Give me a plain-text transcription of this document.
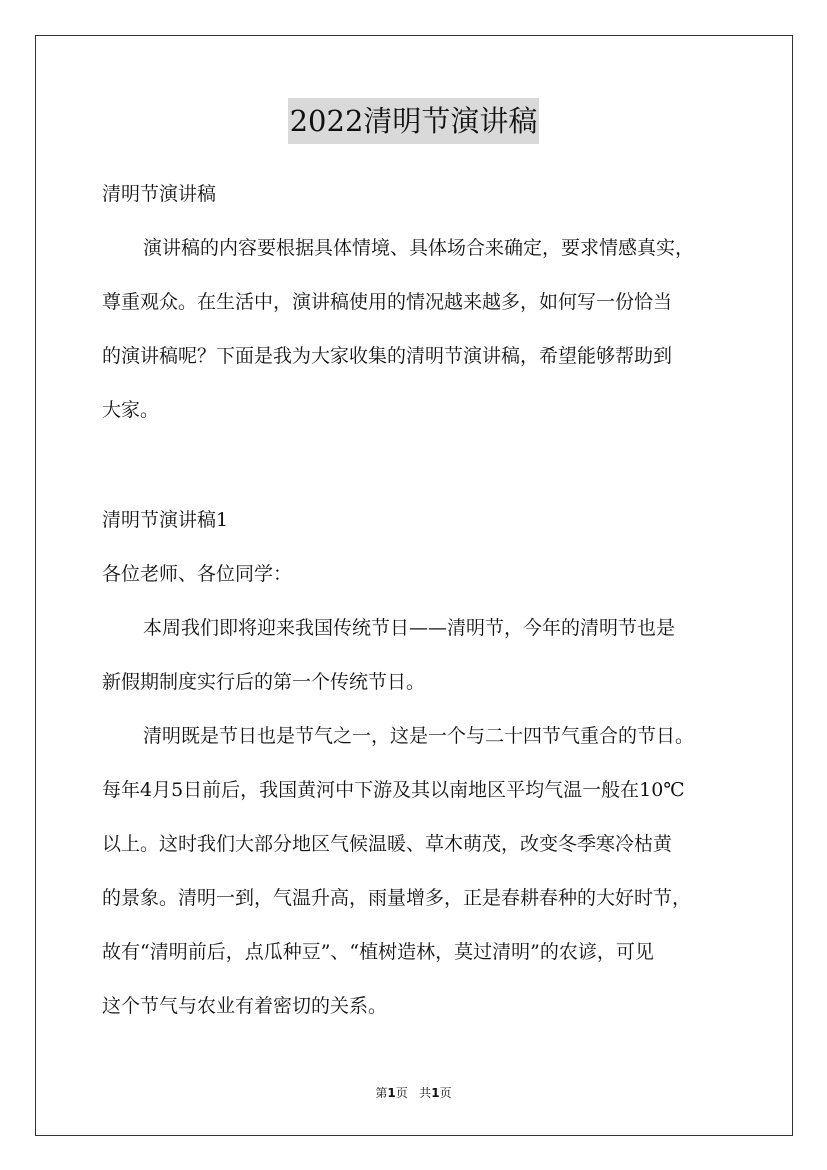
2022清明节演讲稿

清明节演讲稿

演讲稿的内容要根据具体情境、具体场合来确定，要求情感真实，

尊重观众。在生活中，演讲稿使用的情况越来越多，如何写一份恰当

的演讲稿呢？下面是我为大家收集的清明节演讲稿，希望能够帮助到

大家。

清明节演讲稿1

各位老师、各位同学：

本周我们即将迎来我国传统节日——清明节，今年的清明节也是

新假期制度实行后的第一个传统节日。

清明既是节日也是节气之一，这是一个与二十四节气重合的节日。

每年4月5日前后，我国黄河中下游及其以南地区平均气温一般在10℃

以上。这时我们大部分地区气候温暖、草木萌茂，改变冬季寒冷枯黄

的景象。清明一到，气温升高，雨量增多，正是春耕春种的大好时节，

故有“清明前后，点瓜种豆”、“植树造林，莫过清明”的农谚，可见

这个节气与农业有着密切的关系。

第1页 共1页
